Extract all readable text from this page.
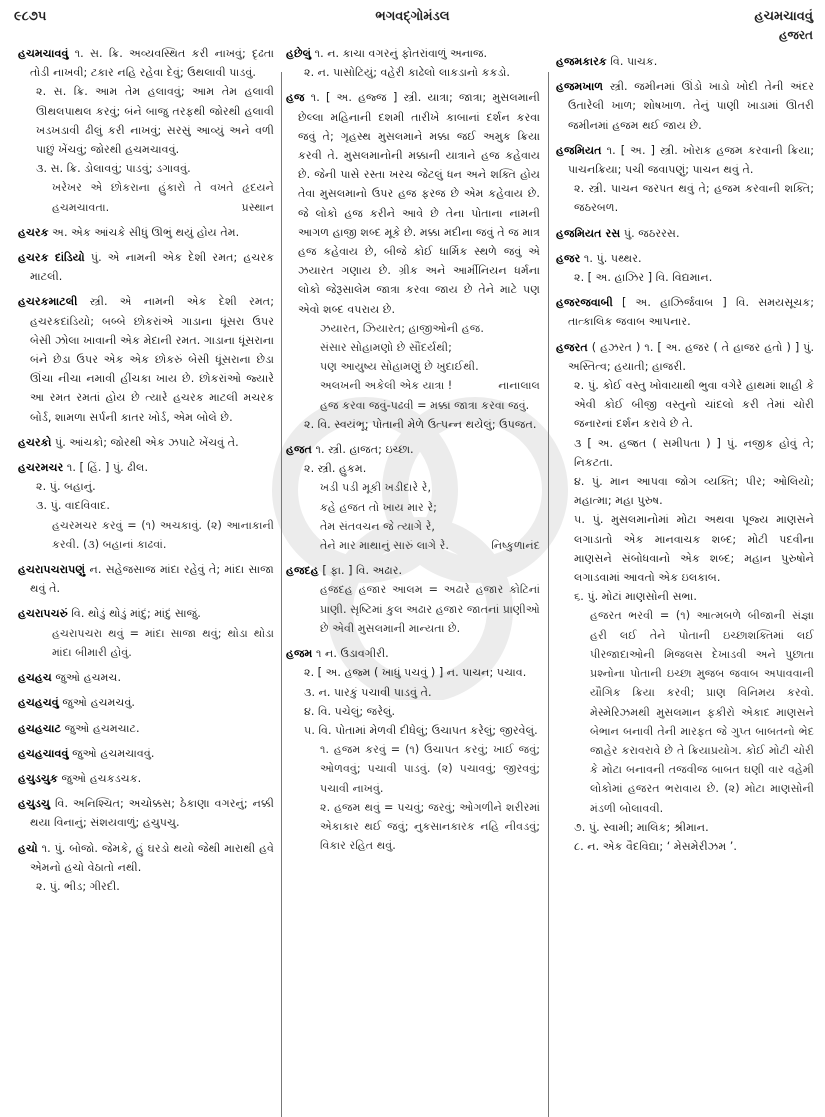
૯૮૭૫	ભગવદ્ગોમંડલ	હચમચાવવું
હજરત
હચમચાવવું ૧. સ. ક્રિ. અવ્યવસ્થિત કરી નાખવું; દૃઢતા તોડી નાખવી; ટકાર નહિ રહેવા દેવું; ઉથલાવી પાડવું.
૨. સ. ક્રિ. આમ તેમ હલાવવું; આમ તેમ હલાવી ઊથલપાથલ કરવું; બંને બાજુ તરફથી જોરથી હલાવી ખડખડાવી ઢીલું કરી નાખવું; સરસું આવ્યું અને વળી પાછું ખેંચવું; જોરથી હચમચાવવું.
૩. સ. ક્રિ. ડોલાવવું; પાડવું; ડગાવવું.
ખરેખર એ છોકરાના હુંકારો તે વખતે હૃદયને હચમચાવતા.	પ્રસ્થાન
હચરક અ. એક આંચકે સીધું ઊભું થયું હોય તેમ.
હચરક દાંડિયો પું. એ નામની એક દેશી રમત; હચરક માટલી.
હચરકમાટલી સ્ત્રી. એ નામની એક દેશી રમત; હચરકદાંડિયો; બબ્બે છોકરાંએ ગાડાના ધૂંસરા ઉપર બેસી ઝોલા ખાવાની એક મેદાની રમત. ગાડાના ધૂંસરાના બંને છેડા ઉપર એક એક છોકરું બેસી ધૂંસરાના છેડા ઊંચા નીચા નમાવી હીંચકા ખાય છે. છોકરાંઓ જ્યારે આ રમત રમતાં હોય છે ત્યારે હચરક માટલી મચરક બોર્ડ, શામળા સર્પની કાતર ખોર્ડ, એમ બોલે છે.
હચરકો પું. આંચકો; જોરથી એક ઝપાટે ખેંચવું તે.
હચરમચર ૧. [ હિં. ] પું. ઢીલ.
૨. પું. બહાનું.
૩. પું. વાદવિવાદ.
હચરમચર કરવું = (૧) અચકાવું. (૨) આનાકાની કરવી. (૩) બહાનાં કાઢવાં.
હચરાપચરાપણું ન. સહેજસાજ માંદા રહેવું તે; માંદા સાજા થવું તે.
હચરાપચરું વિ. થોડું થોડું માંદું; માંદું સાજું.
હચરાપચરા થવું = માંદા સાજા થવું; થોડા થોડા માંદા બીમારી હોવું.
હચહચ જુઓ હચમચ.
હચહચવું જુઓ હચમચવું.
હચહચાટ જુઓ હચમચાટ.
હચહચાવવું જુઓ હચમચાવવું.
હચુડચુક જુઓ હચકડચક.
હચુડચુ વિ. અનિશ્ચિત; અચોક્કસ; ઠેકાણા વગરનું; નક્કી થયા વિનાનું; સંશયવાળું; હચુપચુ.
હચો ૧. પું. બોજો. જેમકે, હું ઘરડો થયો જેથી મારાથી હવે એમનો હચો વેઠાતો નથી.
૨. પું. ભીડ; ગીરદી.
હછેલું ૧. ન. કાચા વગરનું ફોતરાંવાળું અનાજ.
૨. ન. પાસોટિયું; વહેરી કાઢેલો લાકડાનો કકડો.
હજ ૧. [ અ. હજ્જ ] સ્ત્રી. યાત્રા; જાત્રા; મુસલમાની છેલ્લા મહિનાની દશમી તારીખે કાબાનાં દર્શન કરવા જવું તે; ગૃહસ્થ મુસલમાને મક્કા જઈ અમુક ક્રિયા કરવી તે. મુસલમાનોની મક્કાની યાત્રાને હજ કહેવાય છે. જેની પાસે રસ્તા ખરચ જેટલું ધન અને શક્તિ હોય તેવા મુસલમાનો ઉપર હજ ફરજ છે એમ કહેવાય છે. જે લોકો હજ કરીને આવે છે તેના પોતાના નામની આગળ હાજી શબ્દ મૂકે છે. મક્કા મદીના જવું તે જ માત્ર હજ કહેવાય છે, બીજે કોઈ ધાર્મિક સ્થળે જવું એ ઝયારત ગણાય છે. ગ્રીક અને આર્મીનિયન ધર્મના લોકો જેરૂસાલેમ જાત્રા કરવા જાય છે તેને માટે પણ એવો શબ્દ વપરાય છે.
ઝયારત, ઝિયારત; હાજીઓની હજ.
સંસાર સોહામણો છે સૌંદર્યથી;
પણ આયુષ્ય સોહામણું છે ખુદાઈથી.
અલખની અકેલી એક યાત્રા !	નાનાલાલ
હજ કરવા જવું-પઢવી = મક્કા જાત્રા કરવા જવું.
૨. વિ. સ્વયંભૂ; પોતાની મેળે ઉત્પન્ન થયેલું; ઉપજત.
હજત ૧. સ્ત્રી. હાજત; ઇચ્છા.
૨. સ્ત્રી. હુકમ.
ખડી પડી મૂકી ખડીદારે રે,
કહે હજત તો ખાય માર રે;
તેમ સંતવચન જે ત્યાગે રે,
તેને માર માથાનું સારું લાગે રે.	નિષ્કુળાનંદ
હજદહ [ ફા. ] વિ. અઢાર.
હજદહ હજાર આલમ = અઢારે હજાર કોટિનાં પ્રાણી. સૃષ્ટિમાં કુલ અઢાર હજાર જાતનાં પ્રાણીઓ છે એવી મુસલમાની માન્યતા છે.
હજમ ૧ ન. ઉડાવગીરી.
૨. [ અ. હજ્મ ( ખાધું પચવું ) ] ન. પાચન; પચાવ.
૩. ન. પારકું પચાવી પાડવું તે.
૪. વિ. પચેલું; જરેલું.
૫. વિ. પોતામાં મેળવી દીધેલું; ઉચાપત કરેલું; જીરવેલું.
૧. હજમ કરવું = (૧) ઉચાપત કરવું; ખાઈ જવું; ઓળવવું; પચાવી પાડવું. (૨) પચાવવું; જીરવવું; પચાવી નાખવું.
૨. હજમ થવું = પચવું; જરવું; ઓગળીને શરીરમાં એકાકાર થઈ જવું; નુકસાનકારક નહિ નીવડવું; વિકાર રહિત થવું.
હજમકારક વિ. પાચક.
હજમખાળ સ્ત્રી. જમીનમાં ઊંડો ખાડો ખોદી તેની અંદર ઉતારેલી ખાળ; શોષખાળ. તેનું પાણી ખાડામાં ઊતરી જમીનમાં હજમ થઈ જાય છે.
હજમિયત ૧. [ અ. ] સ્ત્રી. ખોરાક હજમ કરવાની ક્રિયા; પાચનક્રિયા; પચી જવાપણું; પાચન થવું તે.
૨. સ્ત્રી. પાચન જરપત થવું તે; હજમ કરવાની શક્તિ; જઠરબળ.
હજમિયત રસ પું. જઠરરસ.
હજર ૧. પું. પથ્થર.
૨. [ અ. હાઝિર ] વિ. વિદ્યમાન.
હજરજવાબી [ અ. હાઝિર્જવાબ ] વિ. સમયસૂચક; તાત્કાલિક જવાબ આપનાર.
હજરત ( હઝરત ) ૧. [ અ. હજર ( તે હાજર હતો ) ] પું. અસ્તિત્વ; હયાતી; હાજરી.
૨. પું. કોઈ વસ્તુ ખોવાયાથી ભુવા વગેરે હાથમાં શાહી કે એવી કોઈ બીજી વસ્તુનો ચાંદલો કરી તેમાં ચોરી જનારનાં દર્શન કરાવે છે તે.
૩ [ અ. હજ્રત ( સમીપતા ) ] પું. નજીક હોવું તે; નિકટતા.
૪. પું. માન આપવા જોગ વ્યક્તિ; પીર; ઓલિયો; મહાત્મા; મહા પુરુષ.
૫. પું. મુસલમાનોમાં મોટા અથવા પૂજ્ય માણસને લગાડાતો એક માનવાચક શબ્દ; મોટી પદવીના માણસને સંબોધવાનો એક શબ્દ; મહાન પુરુષોને લગાડવામાં આવતો એક ઇલકાબ.
૬. પું. મોટાં માણસોની સભા.
હજરત ભરવી = (૧) આત્મબળે બીજાની સંજ્ઞા હરી લઈ તેને પોતાની ઇચ્છાશક્તિમાં લઈ પીરજાદાઓની મિજલસ દેખાડવી અને પુછાતા પ્રશ્નોના પોતાની ઇચ્છા મુજબ જવાબ અપાવવાની યૌગિક ક્રિયા કરવી; પ્રાણ વિનિમય કરવો. મેસ્મેરિઝમથી મુસલમાન ફકીરો એકાદ માણસને બેભાન બનાવી તેની મારફત જે ગુપ્ત બાબતનો ભેદ જાહેર કરાવરાવે છે તે ક્રિયાપ્રયોગ. કોઈ મોટી ચોરી કે મોટા બનાવની તજવીજ બાબત ઘણી વાર વહેમી લોકોમાં હજરત ભરાવાય છે. (૨) મોટા માણસોની મંડળી બોલાવવી.
૭. પું. સ્વામી; માલિક; શ્રીમાન.
૮. ન. એક વૈદવિદ્યા; ‘ મેસમેરીઝમ ’.
